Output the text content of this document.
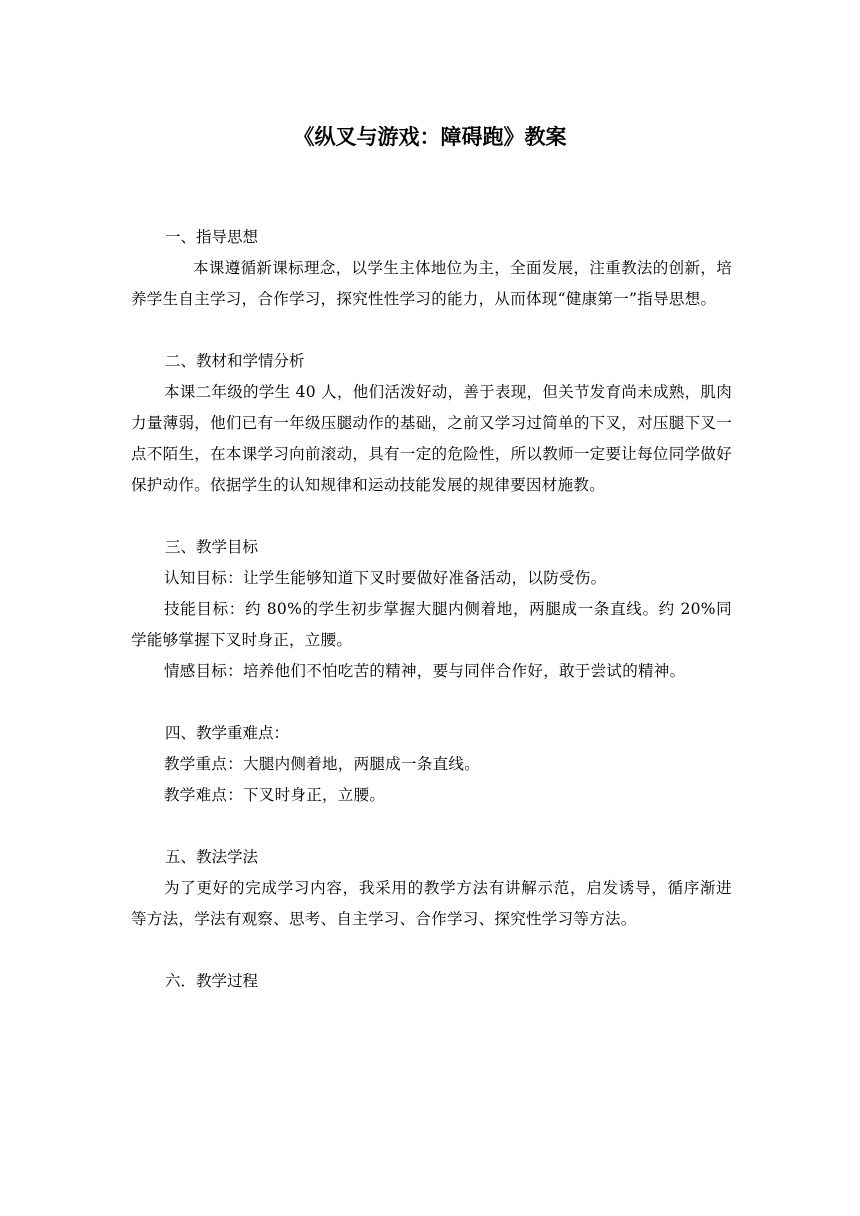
《纵叉与游戏：障碍跑》教案

一、指导思想

本课遵循新课标理念，以学生主体地位为主，全面发展，注重教法的创新，培养学生自主学习，合作学习，探究性性学习的能力，从而体现“健康第一”指导思想。

二、教材和学情分析

本课二年级的学生 40 人，他们活泼好动，善于表现，但关节发育尚未成熟，肌肉力量薄弱，他们已有一年级压腿动作的基础，之前又学习过简单的下叉，对压腿下叉一点不陌生，在本课学习向前滚动，具有一定的危险性，所以教师一定要让每位同学做好保护动作。依据学生的认知规律和运动技能发展的规律要因材施教。

三、教学目标

认知目标：让学生能够知道下叉时要做好准备活动，以防受伤。

技能目标：约 80%的学生初步掌握大腿内侧着地，两腿成一条直线。约 20%同学能够掌握下叉时身正，立腰。

情感目标：培养他们不怕吃苦的精神，要与同伴合作好，敢于尝试的精神。

四、教学重难点：

教学重点：大腿内侧着地，两腿成一条直线。

教学难点：下叉时身正，立腰。

五、教法学法

为了更好的完成学习内容，我采用的教学方法有讲解示范，启发诱导，循序渐进等方法，学法有观察、思考、自主学习、合作学习、探究性学习等方法。

六．教学过程
